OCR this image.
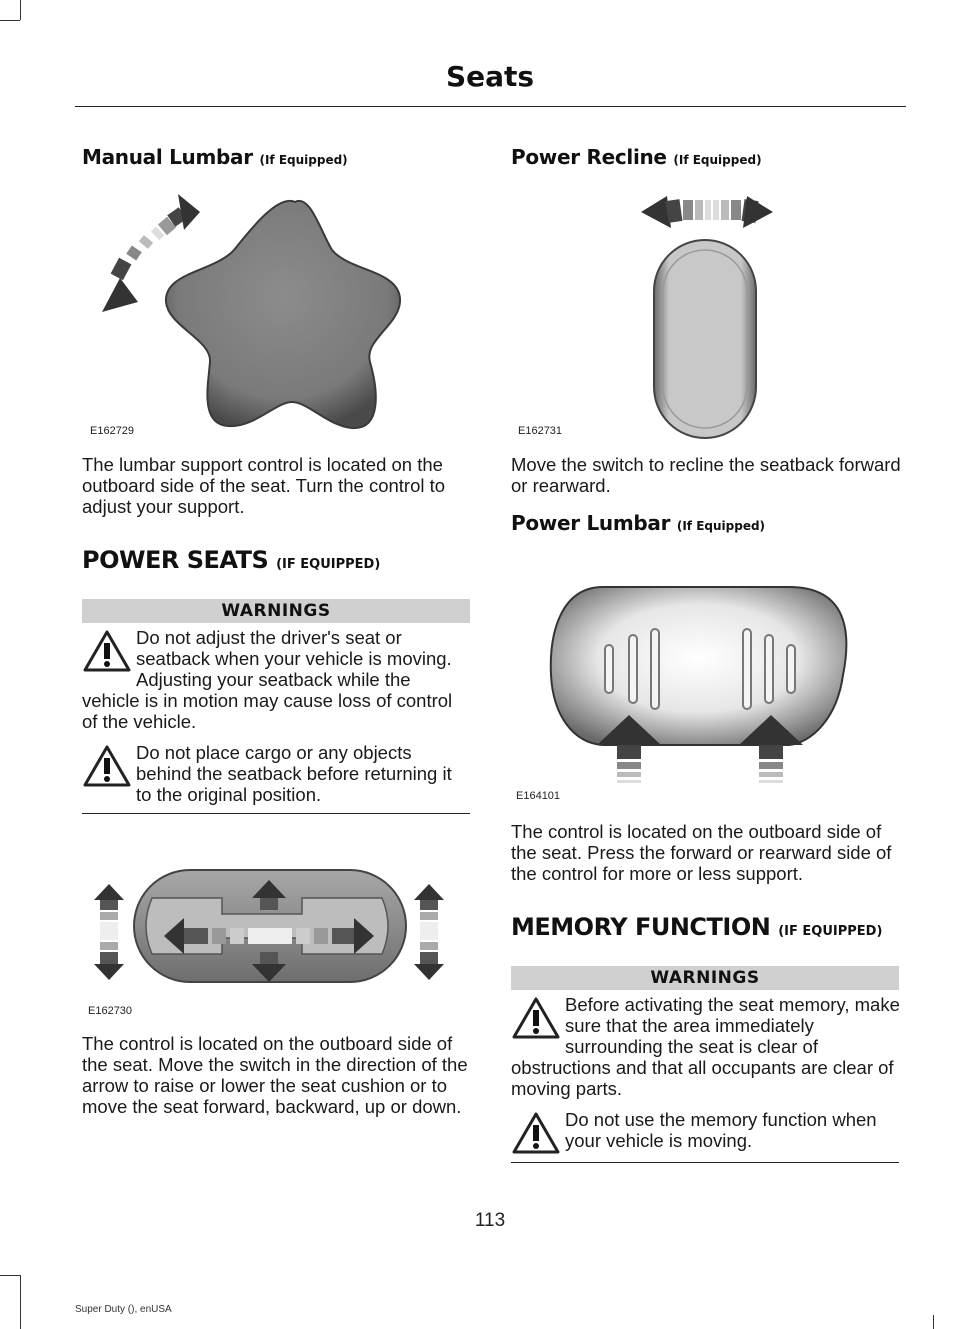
Seats
Manual Lumbar (If Equipped)
E162729

The lumbar support control is located on the outboard side of the seat. Turn the control to adjust your support.

POWER SEATS (IF EQUIPPED)
WARNINGS
Do not adjust the driver's seat or seatback when your vehicle is moving. Adjusting your seatback while the vehicle is in motion may cause loss of control of the vehicle.
Do not place cargo or any objects behind the seatback before returning it to the original position.
E162730

The control is located on the outboard side of the seat. Move the switch in the direction of the arrow to raise or lower the seat cushion or to move the seat forward, backward, up or down.

Power Recline (If Equipped)
E162731

Move the switch to recline the seatback forward or rearward.

Power Lumbar (If Equipped)
E164101

The control is located on the outboard side of the seat. Press the forward or rearward side of the control for more or less support.

MEMORY FUNCTION (IF EQUIPPED)
WARNINGS
Before activating the seat memory, make sure that the area immediately surrounding the seat is clear of obstructions and that all occupants are clear of moving parts.
Do not use the memory function when your vehicle is moving.
113
Super Duty (), enUSA
